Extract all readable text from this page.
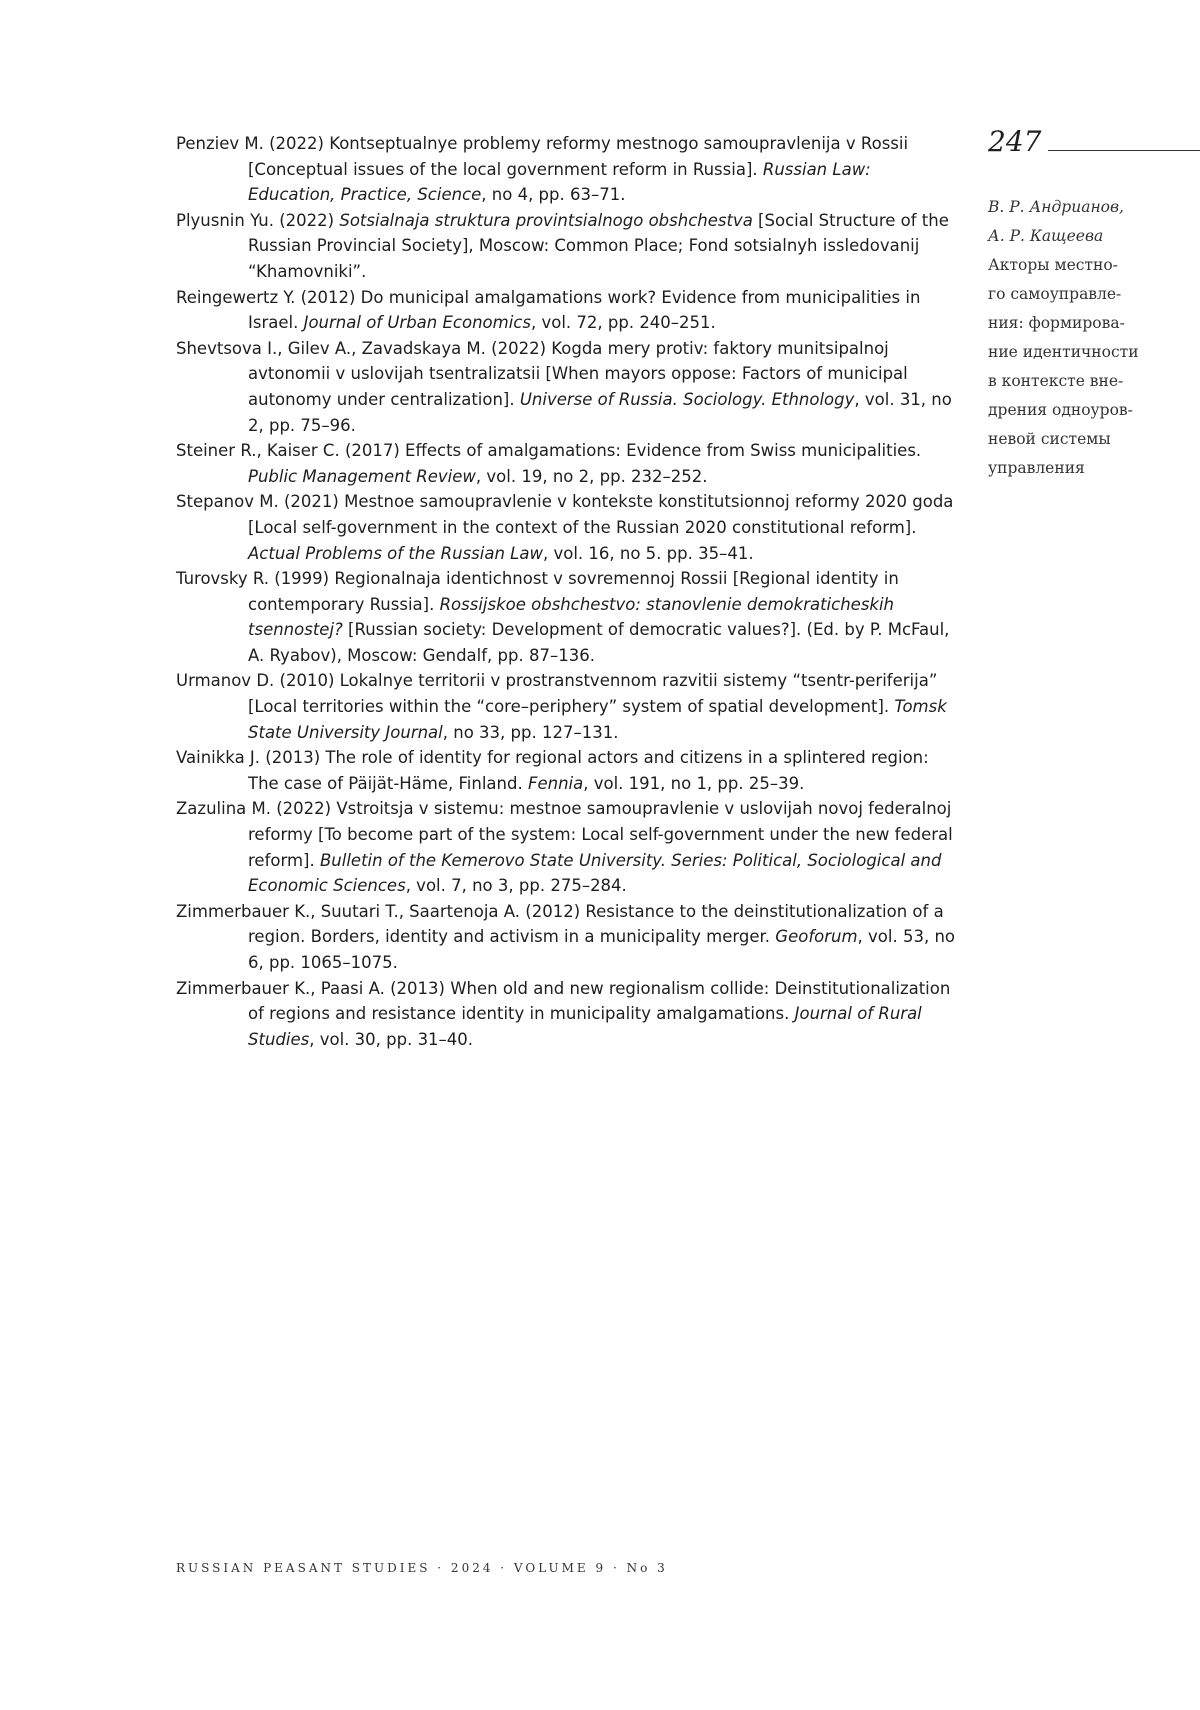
247
В. Р. Андрианов,
А. Р. Кащеева
Акторы местно-
го самоуправле-
ния: формирова-
ние идентичности
в контексте вне-
дрения одноуров-
невой системы
управления

Penziev M. (2022) Kontseptualnye problemy reformy mestnogo samoupravlenija v Rossii [Conceptual issues of the local government reform in Russia]. Russian Law: Education, Practice, Science, no 4, pp. 63–71.

Plyusnin Yu. (2022) Sotsialnaja struktura provintsialnogo obshchestva [Social Structure of the Russian Provincial Society], Moscow: Common Place; Fond sotsialnyh issledovanij “Khamovniki”.

Reingewertz Y. (2012) Do municipal amalgamations work? Evidence from municipalities in Israel. Journal of Urban Economics, vol. 72, pp. 240–251.

Shevtsova I., Gilev A., Zavadskaya M. (2022) Kogda mery protiv: faktory munitsipalnoj avtonomii v uslovijah tsentralizatsii [When mayors oppose: Factors of municipal autonomy under centralization]. Universe of Russia. Sociology. Ethnology, vol. 31, no 2, pp. 75–96.

Steiner R., Kaiser C. (2017) Effects of amalgamations: Evidence from Swiss municipalities. Public Management Review, vol. 19, no 2, pp. 232–252.

Stepanov M. (2021) Mestnoe samoupravlenie v kontekste konstitutsionnoj reformy 2020 goda [Local self-government in the context of the Russian 2020 constitutional reform]. Actual Problems of the Russian Law, vol. 16, no 5. pp. 35–41.

Turovsky R. (1999) Regionalnaja identichnost v sovremennoj Rossii [Regional identity in contemporary Russia]. Rossijskoe obshchestvo: stanovlenie demokraticheskih tsennostej? [Russian society: Development of democratic values?]. (Ed. by P. McFaul, A. Ryabov), Moscow: Gendalf, pp. 87–136.

Urmanov D. (2010) Lokalnye territorii v prostranstvennom razvitii sistemy “tsentr-periferija” [Local territories within the “core–periphery” system of spatial development]. Tomsk State University Journal, no 33, pp. 127–131.

Vainikka J. (2013) The role of identity for regional actors and citizens in a splintered region: The case of Päijät-Häme, Finland. Fennia, vol. 191, no 1, pp. 25–39.

Zazulina M. (2022) Vstroitsja v sistemu: mestnoe samoupravlenie v uslovijah novoj federalnoj reformy [To become part of the system: Local self-government under the new federal reform]. Bulletin of the Kemerovo State University. Series: Political, Sociological and Economic Sciences, vol. 7, no 3, pp. 275–284.

Zimmerbauer K., Suutari T., Saartenoja A. (2012) Resistance to the deinstitutionalization of a region. Borders, identity and activism in a municipality merger. Geoforum, vol. 53, no 6, pp. 1065–1075.

Zimmerbauer K., Paasi A. (2013) When old and new regionalism collide: Deinstitutionalization of regions and resistance identity in municipality amalgamations. Journal of Rural Studies, vol. 30, pp. 31–40.

RUSSIAN PEASANT STUDIES · 2024 · VOLUME 9 · No 3
